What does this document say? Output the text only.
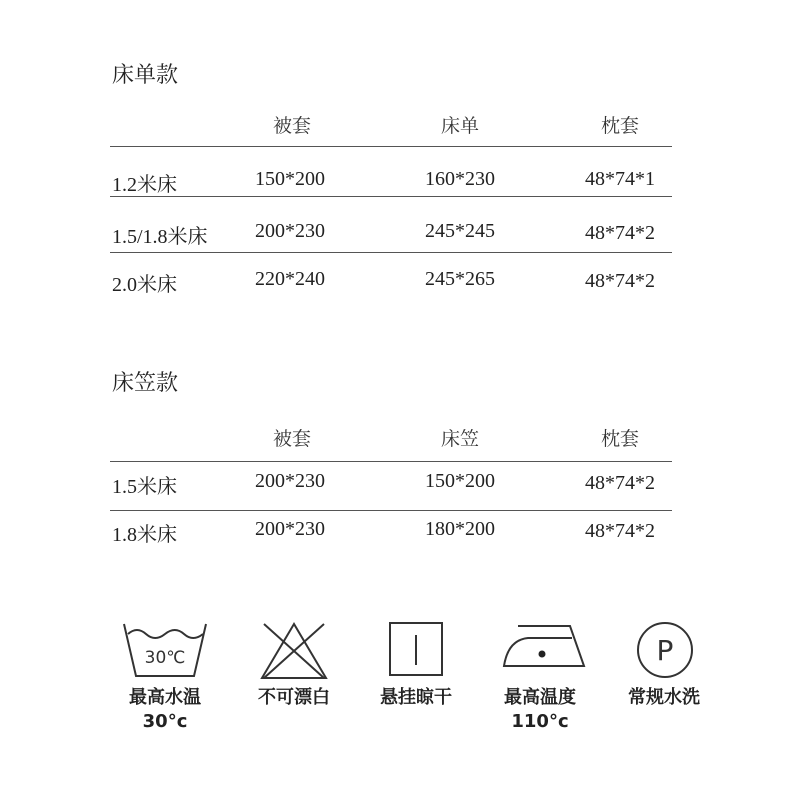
床单款
被套	床单	枕套
1.2米床	150*200	160*230	48*74*1
1.5/1.8米床	200*230	245*245	48*74*2
2.0米床	220*240	245*265	48*74*2
床笠款
被套	床笠	枕套
1.5米床	200*230	150*200	48*74*2
1.8米床	200*230	180*200	48*74*2
30℃	P
最高水温
30°c
不可漂白	悬挂晾干	最高温度
110°c
常规水洗
